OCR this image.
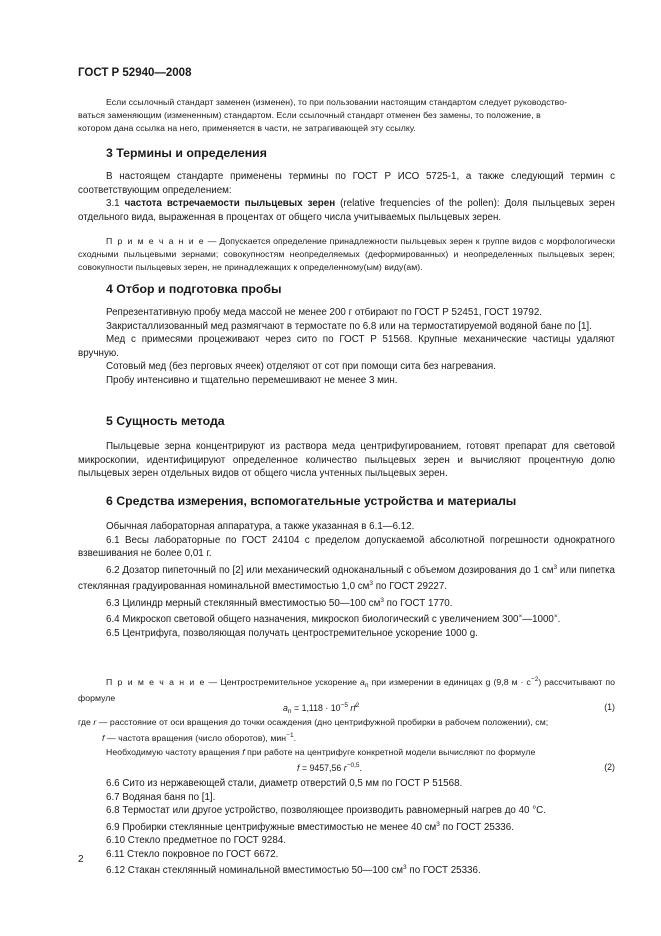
ГОСТ Р 52940—2008

Если ссылочный стандарт заменен (изменен), то при пользовании настоящим стандартом следует руководство-

ваться заменяющим (измененным) стандартом. Если ссылочный стандарт отменен без замены, то положение, в

котором дана ссылка на него, применяется в части, не затрагивающей эту ссылку.

3 Термины и определения

В настоящем стандарте применены термины по ГОСТ Р ИСО 5725-1, а также следующий термин с соответствующим определением:

3.1 частота встречаемости пыльцевых зерен (relative frequencies of the pollen): Доля пыльцевых зерен отдельного вида, выраженная в процентах от общего числа учитываемых пыльцевых зерен.

П р и м е ч а н и е — Допускается определение принадлежности пыльцевых зерен к группе видов с морфологически сходными пыльцевыми зернами; совокупностям неопределяемых (деформированных) и неопределенных пыльцевых зерен; совокупности пыльцевых зерен, не принадлежащих к определенному(ым) виду(ам).

4 Отбор и подготовка пробы

Репрезентативную пробу меда массой не менее 200 г отбирают по ГОСТ Р 52451, ГОСТ 19792.

Закристаллизованный мед размягчают в термостате по 6.8 или на термостатируемой водяной бане по [1].

Мед с примесями процеживают через сито по ГОСТ Р 51568. Крупные механические частицы удаляют вручную.

Сотовый мед (без перговых ячеек) отделяют от сот при помощи сита без нагревания.

Пробу интенсивно и тщательно перемешивают не менее 3 мин.

5 Сущность метода

Пыльцевые зерна концентрируют из раствора меда центрифугированием, готовят препарат для световой микроскопии, идентифицируют определенное количество пыльцевых зерен и вычисляют процентную долю пыльцевых зерен отдельных видов от общего числа учтенных пыльцевых зерен.

6 Средства измерения, вспомогательные устройства и материалы

Обычная лабораторная аппаратура, а также указанная в 6.1—6.12.

6.1 Весы лабораторные по ГОСТ 24104 с пределом допускаемой абсолютной погрешности однократного взвешивания не более 0,01 г.

6.2 Дозатор пипеточный по [2] или механический одноканальный с объемом дозирования до 1 $см^3$ или пипетка стеклянная градуированная номинальной вместимостью 1,0 $см^3$ по ГОСТ 29227.

6.3 Цилиндр мерный стеклянный вместимостью 50—100 $см^3$ по ГОСТ 1770.

6.4 Микроскоп световой общего назначения, микроскоп биологический с увеличением 300×—1000×.

6.5 Центрифуга, позволяющая получать центростремительное ускорение 1000 g.

П р и м е ч а н и е — Центростремительное ускорение $a_n$ при измерении в единицах g (9,8 $м \cdot с^{-2}$) рассчитывают по формуле

$a_n = 1,118 \cdot 10^{-5}$ $rf^2$	(1)

где r — расстояние от оси вращения до точки осаждения (дно центрифужной пробирки в рабочем положении), см;

f — частота вращения (число оборотов), мин$^{-1}$.

Необходимую частоту вращения f при работе на центрифуге конкретной модели вычисляют по формуле

f = 9457,56 $r^{-0,5}$.	(2)

6.6 Сито из нержавеющей стали, диаметр отверстий 0,5 мм по ГОСТ Р 51568.

6.7 Водяная баня по [1].

6.8 Термостат или другое устройство, позволяющее производить равномерный нагрев до 40 °С.

6.9 Пробирки стеклянные центрифужные вместимостью не менее 40 $см^3$ по ГОСТ 25336.

6.10 Стекло предметное по ГОСТ 9284.

6.11 Стекло покровное по ГОСТ 6672.

6.12 Стакан стеклянный номинальной вместимостью 50—100 $см^3$ по ГОСТ 25336.

2
